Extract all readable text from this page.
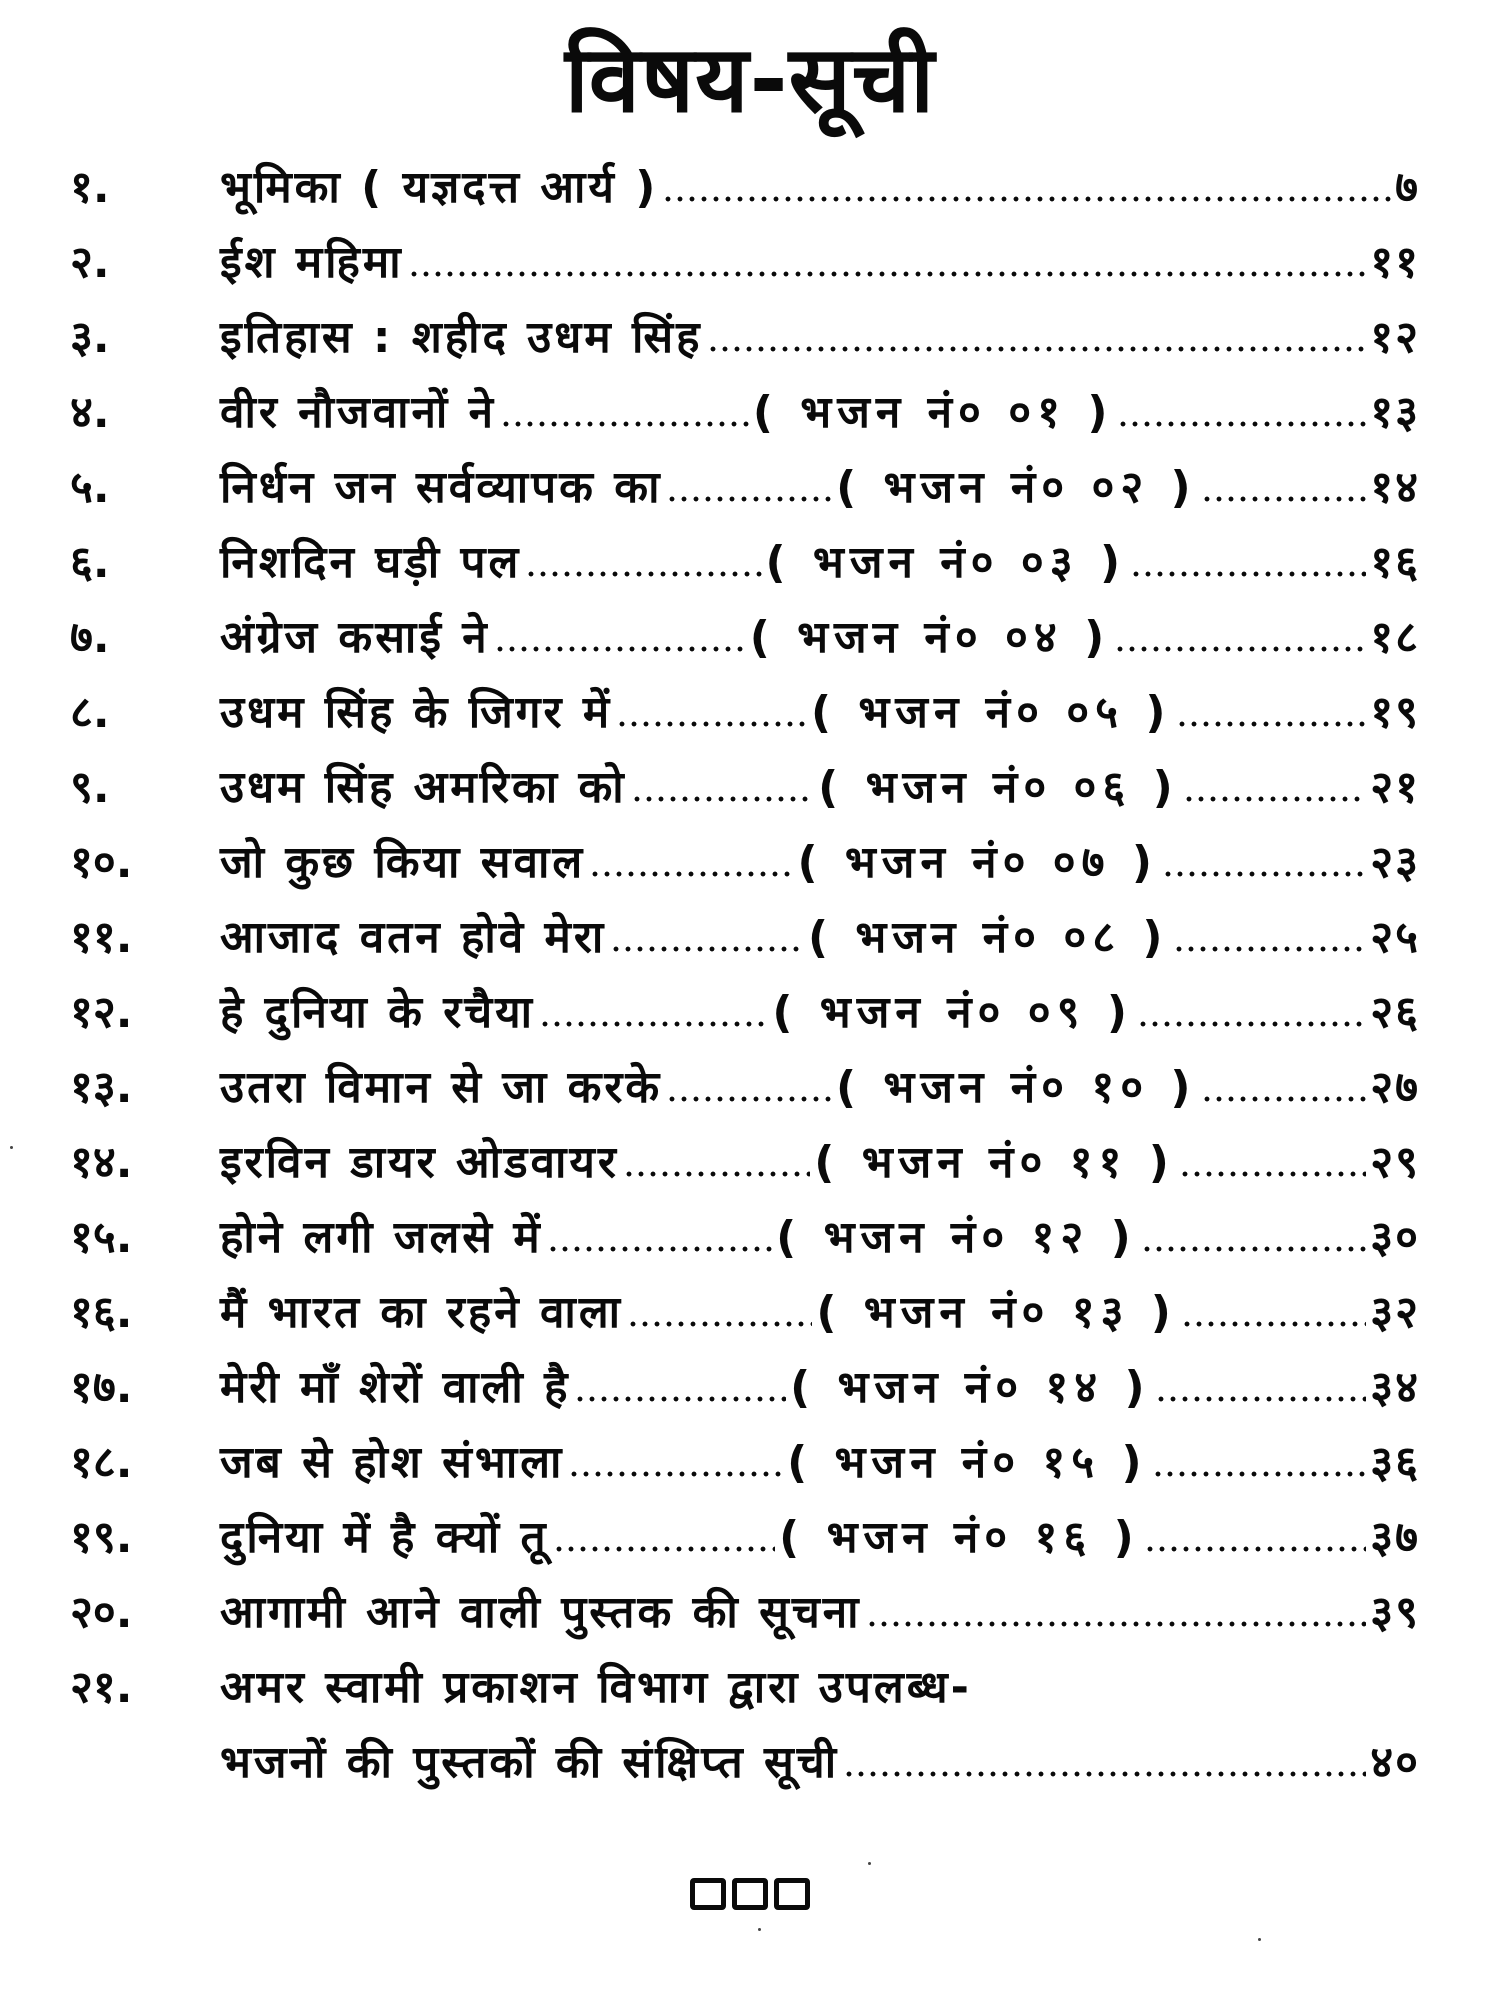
विषय-सूची
१.	भूमिका ( यज्ञदत्त आर्य )	७
२.	ईश महिमा	११
३.	इतिहास : शहीद उधम सिंह	१२
४.	वीर नौजवानों ने	( भजन नं० ०१ )	१३
५.	निर्धन जन सर्वव्यापक का	( भजन नं० ०२ )	१४
६.	निशदिन घड़ी पल	( भजन नं० ०३ )	१६
७.	अंग्रेज कसाई ने	( भजन नं० ०४ )	१८
८.	उधम सिंह के जिगर में	( भजन नं० ०५ )	१९
९.	उधम सिंह अमरिका को	( भजन नं० ०६ )	२१
१०.	जो कुछ किया सवाल	( भजन नं० ०७ )	२३
११.	आजाद वतन होवे मेरा	( भजन नं० ०८ )	२५
१२.	हे दुनिया के रचैया	( भजन नं० ०९ )	२६
१३.	उतरा विमान से जा करके	( भजन नं० १० )	२७
१४.	इरविन डायर ओडवायर	( भजन नं० ११ )	२९
१५.	होने लगी जलसे में	( भजन नं० १२ )	३०
१६.	मैं भारत का रहने वाला	( भजन नं० १३ )	३२
१७.	मेरी माँ शेरों वाली है	( भजन नं० १४ )	३४
१८.	जब से होश संभाला	( भजन नं० १५ )	३६
१९.	दुनिया में है क्यों तू	( भजन नं० १६ )	३७
२०.	आगामी आने वाली पुस्तक की सूचना	३९
२१.	अमर स्वामी प्रकाशन विभाग द्वारा उपलब्ध-
भजनों की पुस्तकों की संक्षिप्त सूची	४०
